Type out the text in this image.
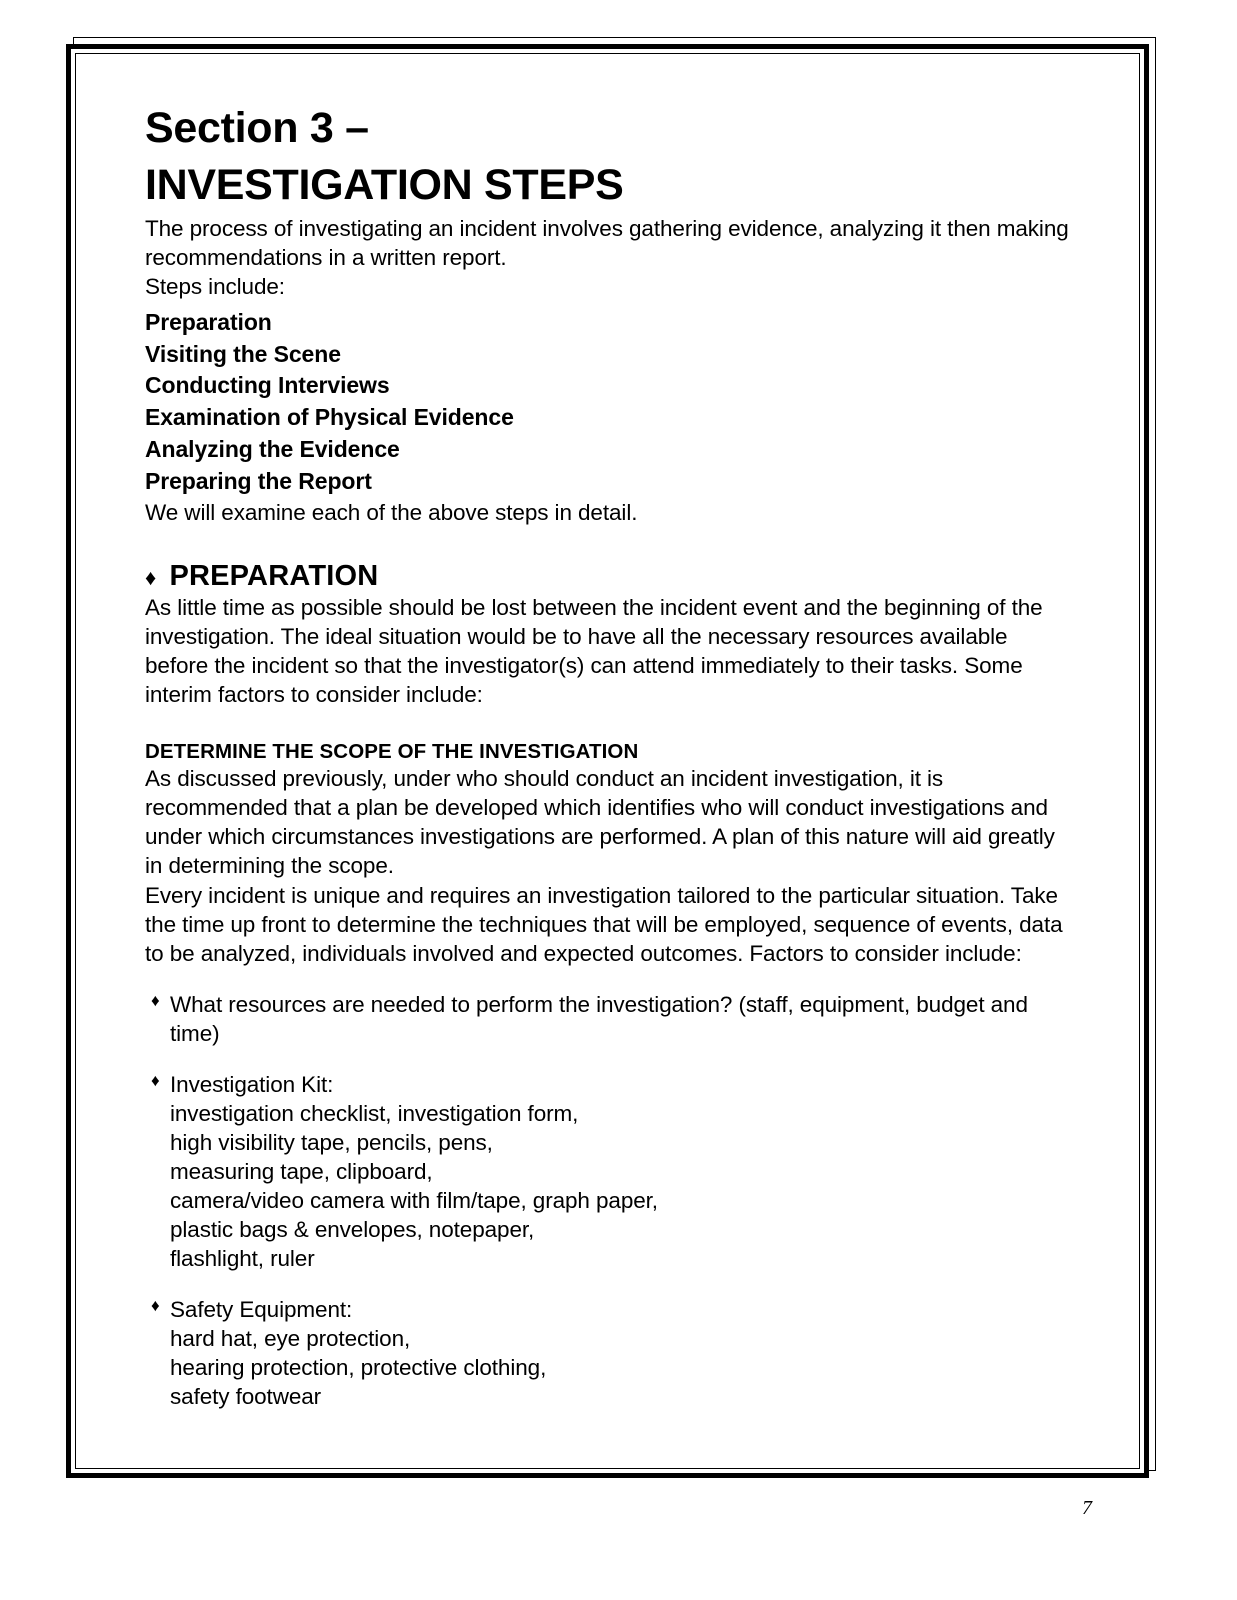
Section 3 –
INVESTIGATION STEPS

The process of investigating an incident involves gathering evidence, analyzing it then making recommendations in a written report.

Steps include:

Preparation
Visiting the Scene
Conducting Interviews
Examination of Physical Evidence
Analyzing the Evidence
Preparing the Report

We will examine each of the above steps in detail.

♦ PREPARATION

As little time as possible should be lost between the incident event and the beginning of the investigation. The ideal situation would be to have all the necessary resources available before the incident so that the investigator(s) can attend immediately to their tasks. Some interim factors to consider include:

DETERMINE THE SCOPE OF THE INVESTIGATION

As discussed previously, under who should conduct an incident investigation, it is recommended that a plan be developed which identifies who will conduct investigations and under which circumstances investigations are performed. A plan of this nature will aid greatly in determining the scope.

Every incident is unique and requires an investigation tailored to the particular situation. Take the time up front to determine the techniques that will be employed, sequence of events, data to be analyzed, individuals involved and expected outcomes. Factors to consider include:

♦ What resources are needed to perform the investigation? (staff, equipment, budget and time)
♦ Investigation Kit:
investigation checklist, investigation form,
high visibility tape, pencils, pens,
measuring tape, clipboard,
camera/video camera with film/tape, graph paper,
plastic bags & envelopes, notepaper,
flashlight, ruler
♦ Safety Equipment:
hard hat, eye protection,
hearing protection, protective clothing,
safety footwear
7
